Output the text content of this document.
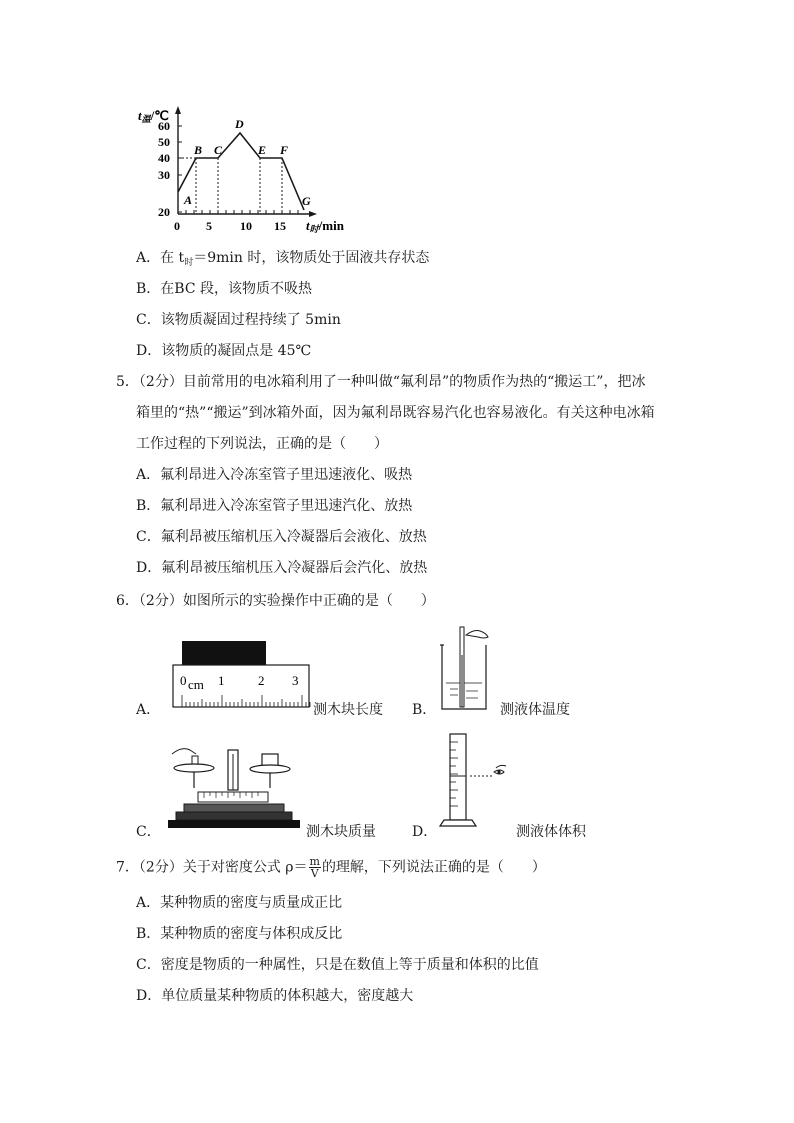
t温/℃
60
50
40
30
20
0 5 10 15 t时/min
A
B C
D
E F
G
A．在 $t_时=9\min$ 时，该物质处于固液共存状态
B．在BC 段，该物质不吸热
C．该物质凝固过程持续了 5min
D．该物质的凝固点是 45℃
5．（2分）目前常用的电冰箱利用了一种叫做“氟利昂”的物质作为热的“搬运工”，把冰
箱里的“热”“搬运”到冰箱外面，因为氟利昂既容易汽化也容易液化。有关这种电冰箱
工作过程的下列说法，正确的是（　　）
A．氟利昂进入冷冻室管子里迅速液化、吸热
B．氟利昂进入冷冻室管子里迅速汽化、放热
C．氟利昂被压缩机压入冷凝器后会液化、放热
D．氟利昂被压缩机压入冷凝器后会汽化、放热
6．（2分）如图所示的实验操作中正确的是（　　）
A．
0 cm 1	2 3
测木块长度 B．	测液体温度
C．	测木块质量	D．	测液体体积
7．（2分）关于对密度公式 $\rho= \frac{m}{V}$ 的理解，下列说法正确的是（　　）
A．某种物质的密度与质量成正比
B．某种物质的密度与体积成反比
C．密度是物质的一种属性，只是在数值上等于质量和体积的比值
D．单位质量某种物质的体积越大，密度越大
